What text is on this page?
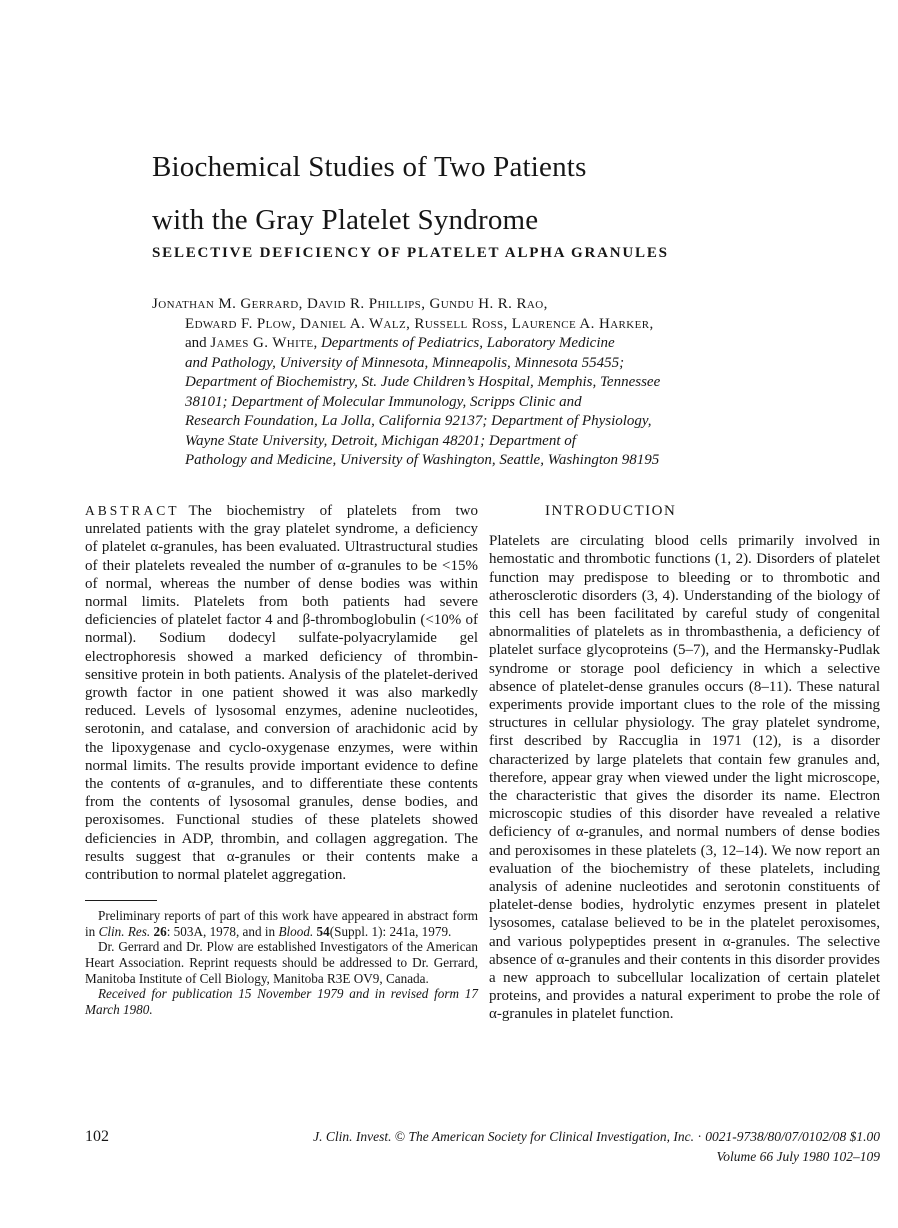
Biochemical Studies of Two Patients
with the Gray Platelet Syndrome
SELECTIVE DEFICIENCY OF PLATELET ALPHA GRANULES
Jonathan M. Gerrard, David R. Phillips, Gundu H. R. Rao,
Edward F. Plow, Daniel A. Walz, Russell Ross, Laurence A. Harker,
and James G. White, Departments of Pediatrics, Laboratory Medicine
and Pathology, University of Minnesota, Minneapolis, Minnesota 55455;
Department of Biochemistry, St. Jude Children’s Hospital, Memphis, Tennessee
38101; Department of Molecular Immunology, Scripps Clinic and
Research Foundation, La Jolla, California 92137; Department of Physiology,
Wayne State University, Detroit, Michigan 48201; Department of
Pathology and Medicine, University of Washington, Seattle, Washington 98195

ABSTRACT The biochemistry of platelets from two unrelated patients with the gray platelet syndrome, a deficiency of platelet α-granules, has been evaluated. Ultrastructural studies of their platelets revealed the number of α-granules to be <15% of normal, whereas the number of dense bodies was within normal limits. Platelets from both patients had severe deficiencies of platelet factor 4 and β-thromboglobulin (<10% of normal). Sodium dodecyl sulfate-polyacrylamide gel electrophoresis showed a marked deficiency of thrombin-sensitive protein in both patients. Analysis of the platelet-derived growth factor in one patient showed it was also markedly reduced. Levels of lysosomal enzymes, adenine nucleotides, serotonin, and catalase, and conversion of arachidonic acid by the lipoxygenase and cyclo-oxygenase enzymes, were within normal limits. The results provide important evidence to define the contents of α-granules, and to differentiate these contents from the contents of lysosomal granules, dense bodies, and peroxisomes. Functional studies of these platelets showed deficiencies in ADP, thrombin, and collagen aggregation. The results suggest that α-granules or their contents make a contribution to normal platelet aggregation.

Preliminary reports of part of this work have appeared in abstract form in Clin. Res. 26: 503A, 1978, and in Blood. 54(Suppl. 1): 241a, 1979.

Dr. Gerrard and Dr. Plow are established Investigators of the American Heart Association. Reprint requests should be addressed to Dr. Gerrard, Manitoba Institute of Cell Biology, Manitoba R3E OV9, Canada.

Received for publication 15 November 1979 and in revised form 17 March 1980.

INTRODUCTION

Platelets are circulating blood cells primarily involved in hemostatic and thrombotic functions (1, 2). Disorders of platelet function may predispose to bleeding or to thrombotic and atherosclerotic disorders (3, 4). Understanding of the biology of this cell has been facilitated by careful study of congenital abnormalities of platelets as in thrombasthenia, a deficiency of platelet surface glycoproteins (5–7), and the Hermansky-Pudlak syndrome or storage pool deficiency in which a selective absence of platelet-dense granules occurs (8–11). These natural experiments provide important clues to the role of the missing structures in cellular physiology. The gray platelet syndrome, first described by Raccuglia in 1971 (12), is a disorder characterized by large platelets that contain few granules and, therefore, appear gray when viewed under the light microscope, the characteristic that gives the disorder its name. Electron microscopic studies of this disorder have revealed a relative deficiency of α-granules, and normal numbers of dense bodies and peroxisomes in these platelets (3, 12–14). We now report an evaluation of the biochemistry of these platelets, including analysis of adenine nucleotides and serotonin constituents of platelet-dense bodies, hydrolytic enzymes present in platelet lysosomes, catalase believed to be in the platelet peroxisomes, and various polypeptides present in α-granules. The selective absence of α-granules and their contents in this disorder provides a new approach to subcellular localization of certain platelet proteins, and provides a natural experiment to probe the role of α-granules in platelet function.

102	J. Clin. Invest. © The American Society for Clinical Investigation, Inc. · 0021-9738/80/07/0102/08 $1.00
Volume 66 July 1980 102–109
